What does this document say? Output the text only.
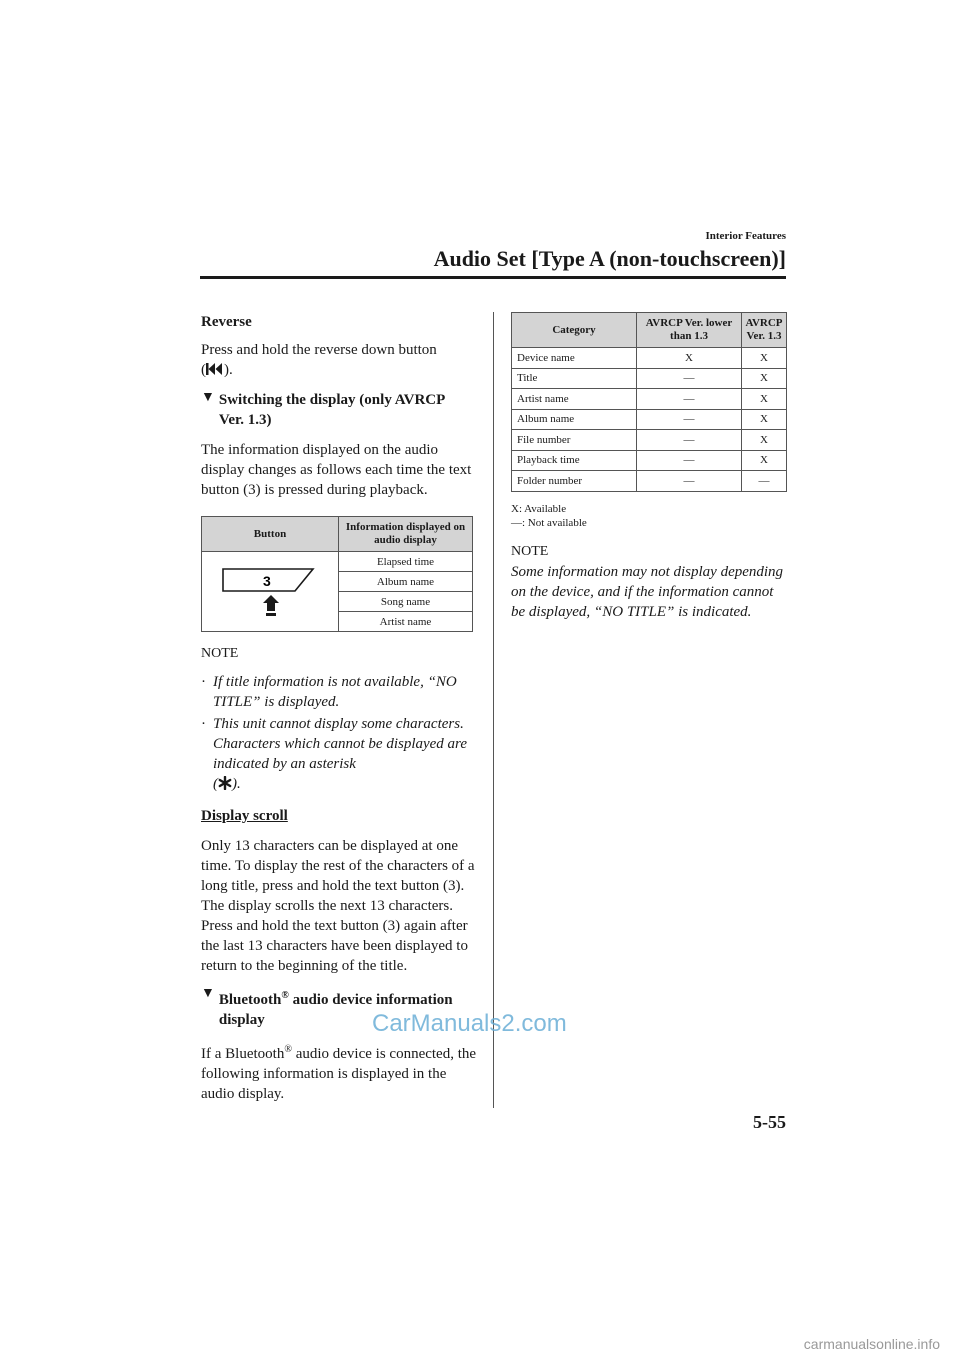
Interior Features
Audio Set [Type A (non-touchscreen)]

Reverse

Press and hold the reverse down button
( ).

▼ Switching the display (only AVRCP
Ver. 1.3)

The information displayed on the audio display changes as follows each time the text button (3) is pressed during playback.

Button	Information displayed on audio display

3	Elapsed time
	Album name
	Song name
	Artist name

NOTE

· If title information is not available, “NO TITLE” is displayed.
· This unit cannot display some characters. Characters which cannot be displayed are indicated by an asterisk
( ).

Display scroll

Only 13 characters can be displayed at one time. To display the rest of the characters of a long title, press and hold the text button (3). The display scrolls the next 13 characters. Press and hold the text button (3) again after the last 13 characters have been displayed to return to the beginning of the title.

▼ Bluetooth® audio device information
display

If a Bluetooth® audio device is connected, the following information is displayed in the audio display.

Category	AVRCP Ver. lower than 1.3	AVRCP Ver. 1.3
Device name	X	X
Title	—	X
Artist name	—	X
Album name	—	X
File number	—	X
Playback time	—	X
Folder number	—	—
X: Available
—: Not available

NOTE

Some information may not display depending on the device, and if the information cannot be displayed, “NO TITLE” is indicated.

5-55
CarManuals2.com
carmanualsonline.info
